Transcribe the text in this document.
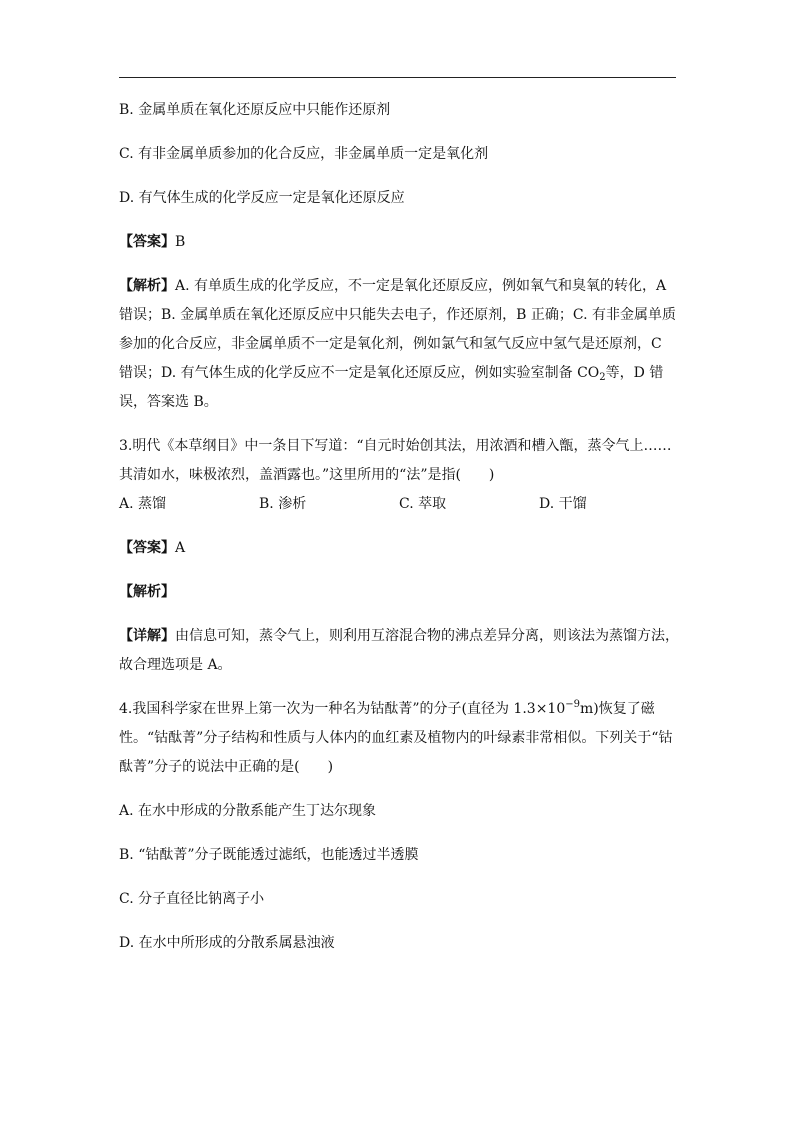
B. 金属单质在氧化还原反应中只能作还原剂

C. 有非金属单质参加的化合反应，非金属单质一定是氧化剂

D. 有气体生成的化学反应一定是氧化还原反应

【答案】B

【解析】A. 有单质生成的化学反应，不一定是氧化还原反应，例如氧气和臭氧的转化，A错误；B. 金属单质在氧化还原反应中只能失去电子，作还原剂，B 正确；C. 有非金属单质参加的化合反应，非金属单质不一定是氧化剂，例如氯气和氢气反应中氢气是还原剂，C 错误；D. 有气体生成的化学反应不一定是氧化还原反应，例如实验室制备 $CO_2$等，D 错误，答案选 B。

3.明代《本草纲目》中一条目下写道：“自元时始创其法，用浓酒和槽入甑，蒸令气上……其清如水，味极浓烈，盖酒露也。”这里所用的“法”是指(　　)

A. 蒸馏	B. 渗析	C. 萃取	D. 干馏

【答案】A

【解析】

【详解】由信息可知，蒸令气上，则利用互溶混合物的沸点差异分离，则该法为蒸馏方法，故合理选项是 A。

4.我国科学家在世界上第一次为一种名为钴酞菁”的分子(直径为 $1.3\times 10^{-9}m$)恢复了磁性。“钴酞菁”分子结构和性质与人体内的血红素及植物内的叶绿素非常相似。下列关于“钴酞菁”分子的说法中正确的是(　　)

A. 在水中形成的分散系能产生丁达尔现象

B. “钴酞菁”分子既能透过滤纸，也能透过半透膜

C. 分子直径比钠离子小

D. 在水中所形成的分散系属悬浊液
